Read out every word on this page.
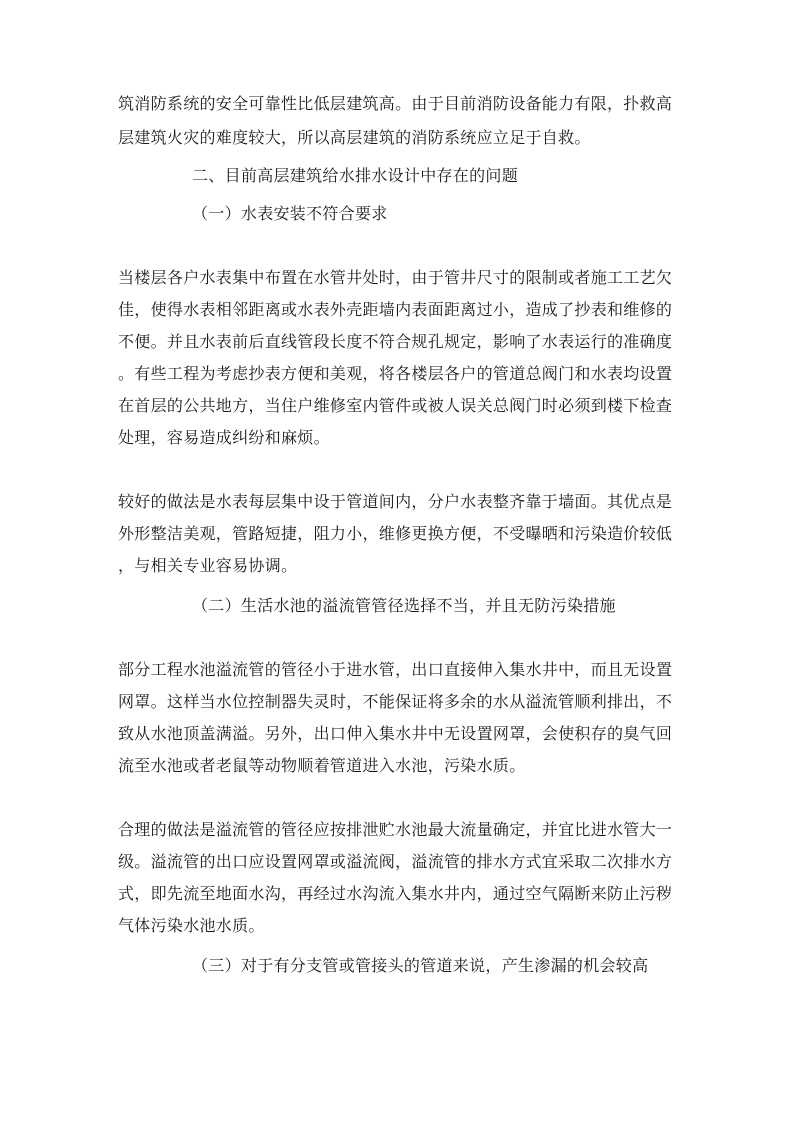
筑消防系统的安全可靠性比低层建筑高。由于目前消防设备能力有限，扑救高
层建筑火灾的难度较大，所以高层建筑的消防系统应立足于自救。
二、目前高层建筑给水排水设计中存在的问题
（一）水表安装不符合要求
当楼层各户水表集中布置在水管井处时，由于管井尺寸的限制或者施工工艺欠
佳，使得水表相邻距离或水表外壳距墙内表面距离过小，造成了抄表和维修的
不便。并且水表前后直线管段长度不符合规孔规定，影响了水表运行的准确度
。有些工程为考虑抄表方便和美观，将各楼层各户的管道总阀门和水表均设置
在首层的公共地方，当住户维修室内管件或被人误关总阀门时必须到楼下检查
处理，容易造成纠纷和麻烦。
较好的做法是水表每层集中设于管道间内，分户水表整齐靠于墙面。其优点是
外形整洁美观，管路短捷，阻力小，维修更换方便，不受曝晒和污染造价较低
，与相关专业容易协调。
（二）生活水池的溢流管管径选择不当，并且无防污染措施
部分工程水池溢流管的管径小于进水管，出口直接伸入集水井中，而且无设置
网罩。这样当水位控制器失灵时，不能保证将多余的水从溢流管顺利排出，不
致从水池顶盖满溢。另外，出口伸入集水井中无设置网罩，会使积存的臭气回
流至水池或者老鼠等动物顺着管道进入水池，污染水质。
合理的做法是溢流管的管径应按排泄贮水池最大流量确定，并宜比进水管大一
级。溢流管的出口应设置网罩或溢流阀，溢流管的排水方式宜采取二次排水方
式，即先流至地面水沟，再经过水沟流入集水井内，通过空气隔断来防止污秽
气体污染水池水质。
（三）对于有分支管或管接头的管道来说，产生渗漏的机会较高
